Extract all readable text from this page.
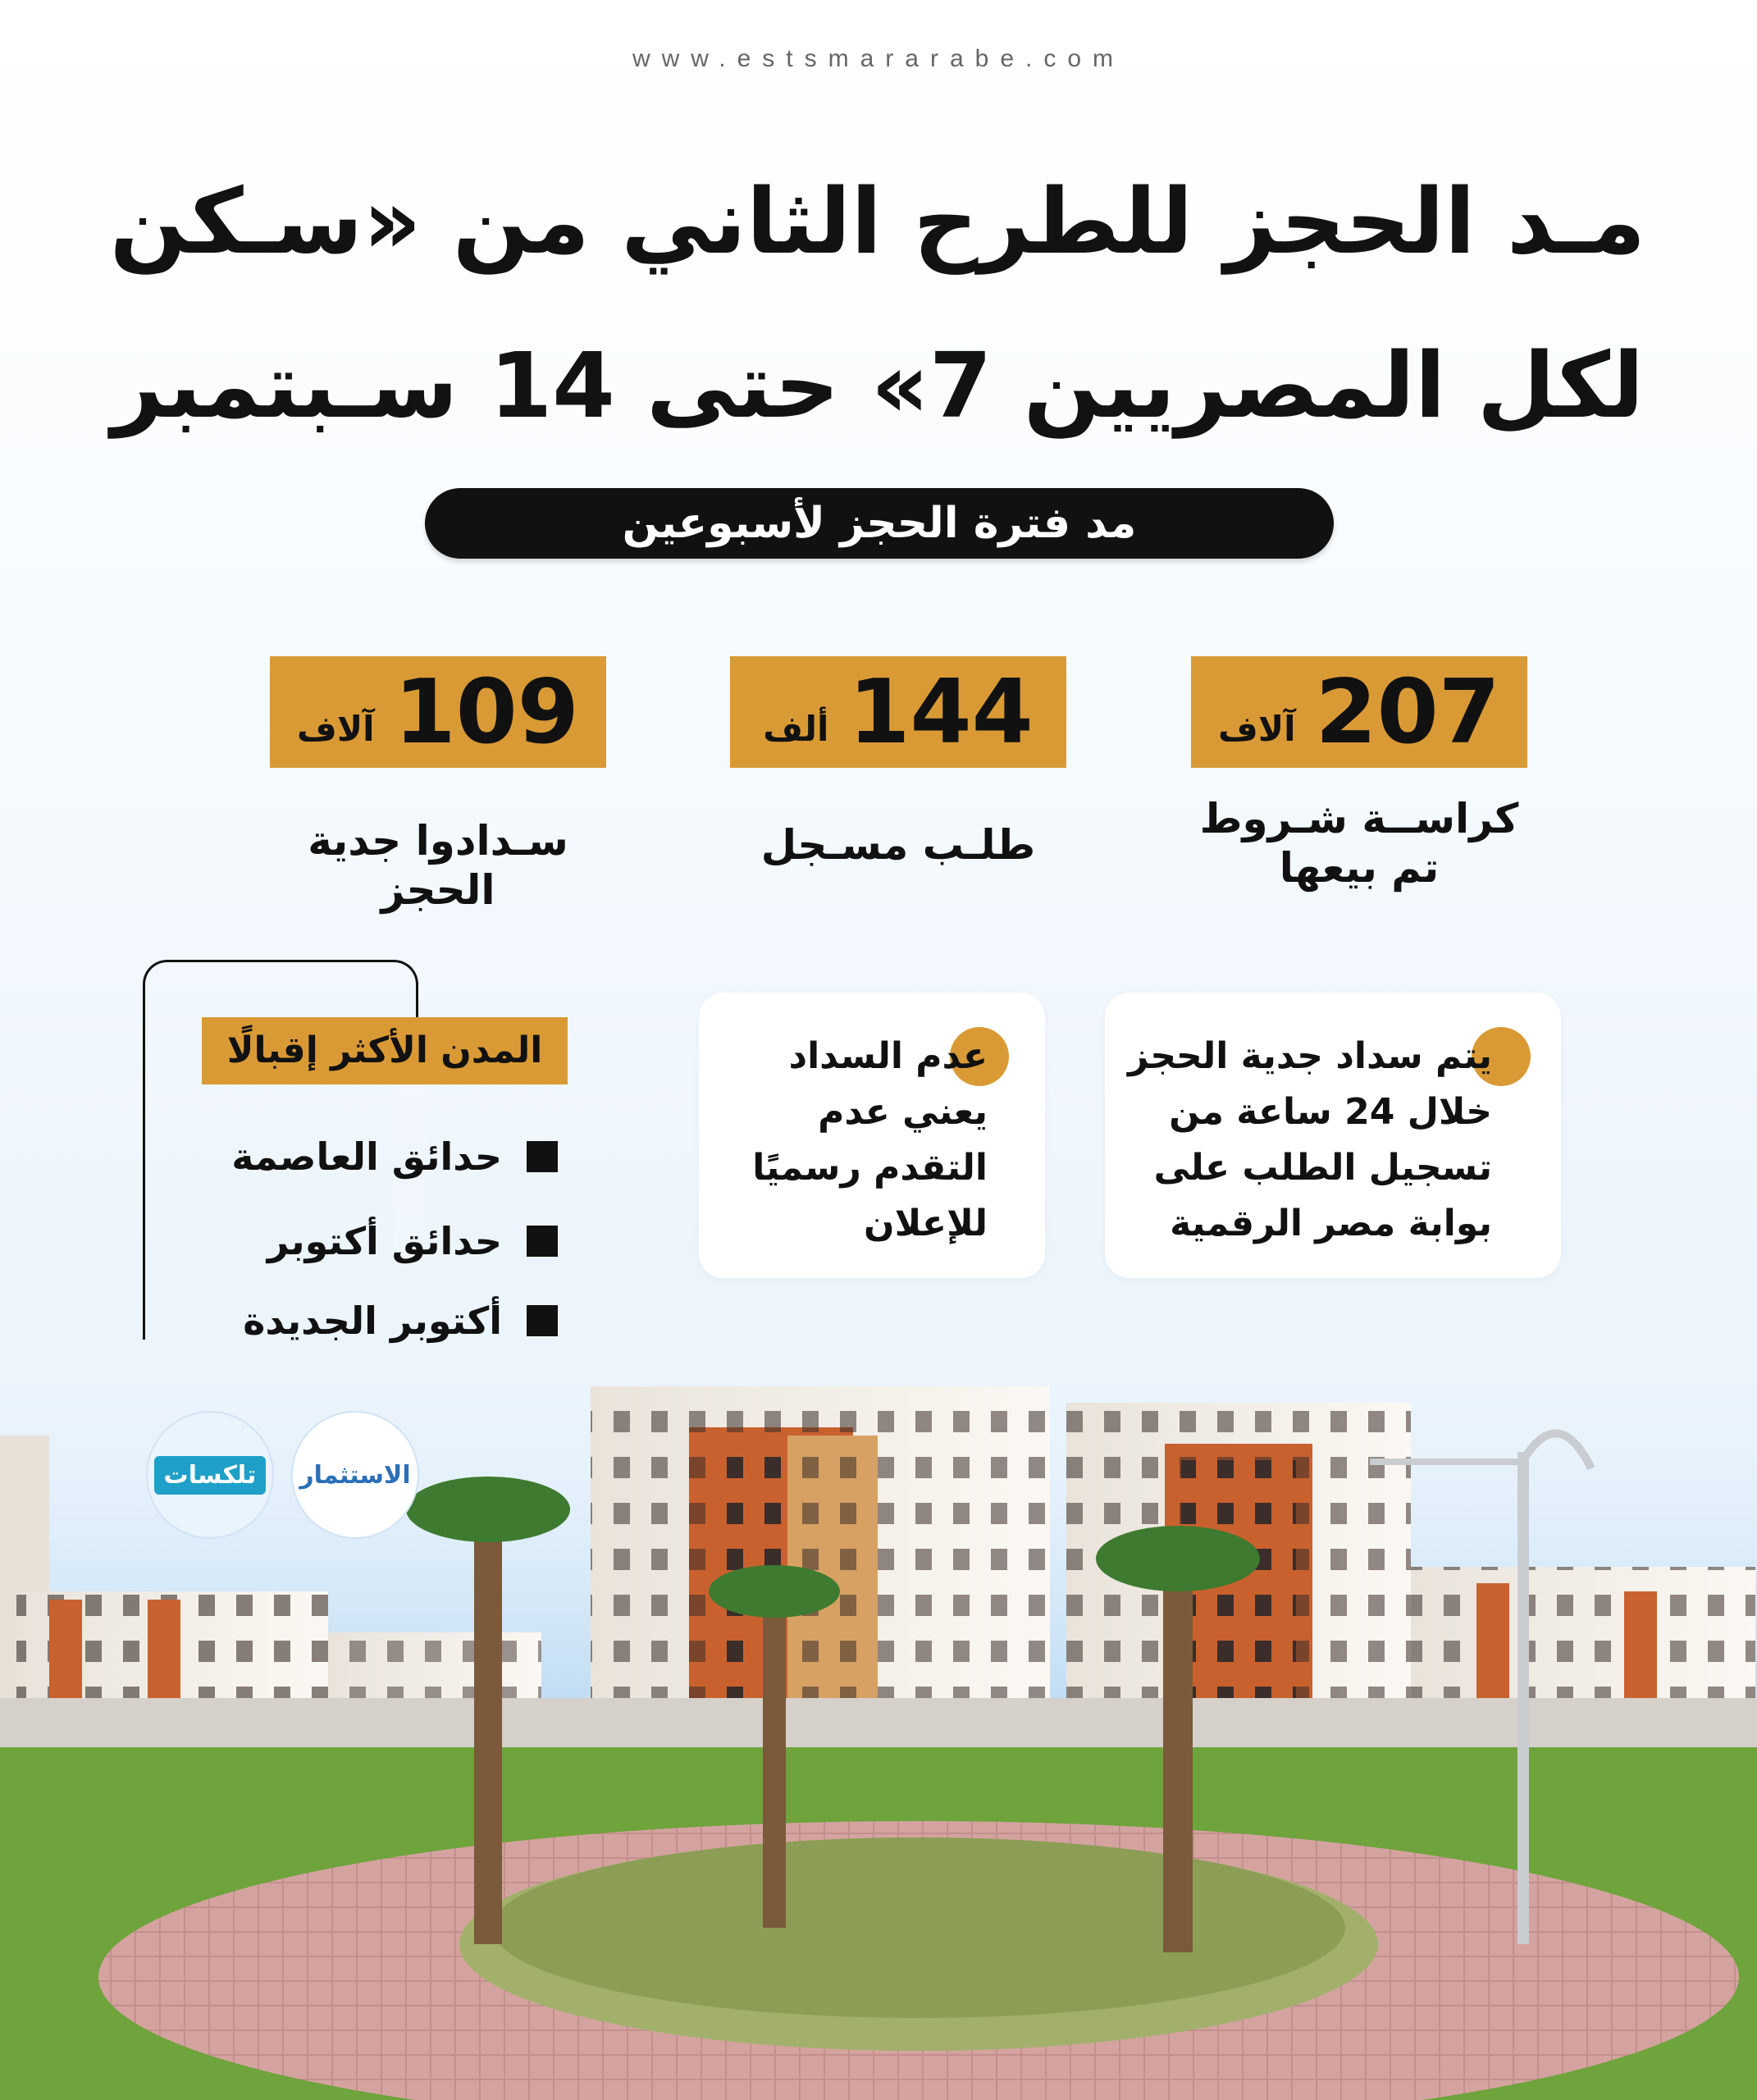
www.estsmararabe.com
مـد الحجز للطرح الثاني من «سـكن
لكل المصريين 7» حتى 14 سـبتمبر
مد فترة الحجز لأسبوعين
207
آلاف
كراســة شـروط
تم بيعها
144
ألف
طلـب مسـجل
109
آلاف
سـدادوا جدية الحجز
يتم سداد جدية الحجز
خلال 24 ساعة من
تسجيل الطلب على
بوابة مصر الرقمية
عدم السداد
يعني عدم
التقدم رسميًا
للإعلان
المدن الأكثر إقبالًا
حدائق العاصمة
حدائق أكتوبر
أكتوبر الجديدة
الاستثمار
تلكسات
